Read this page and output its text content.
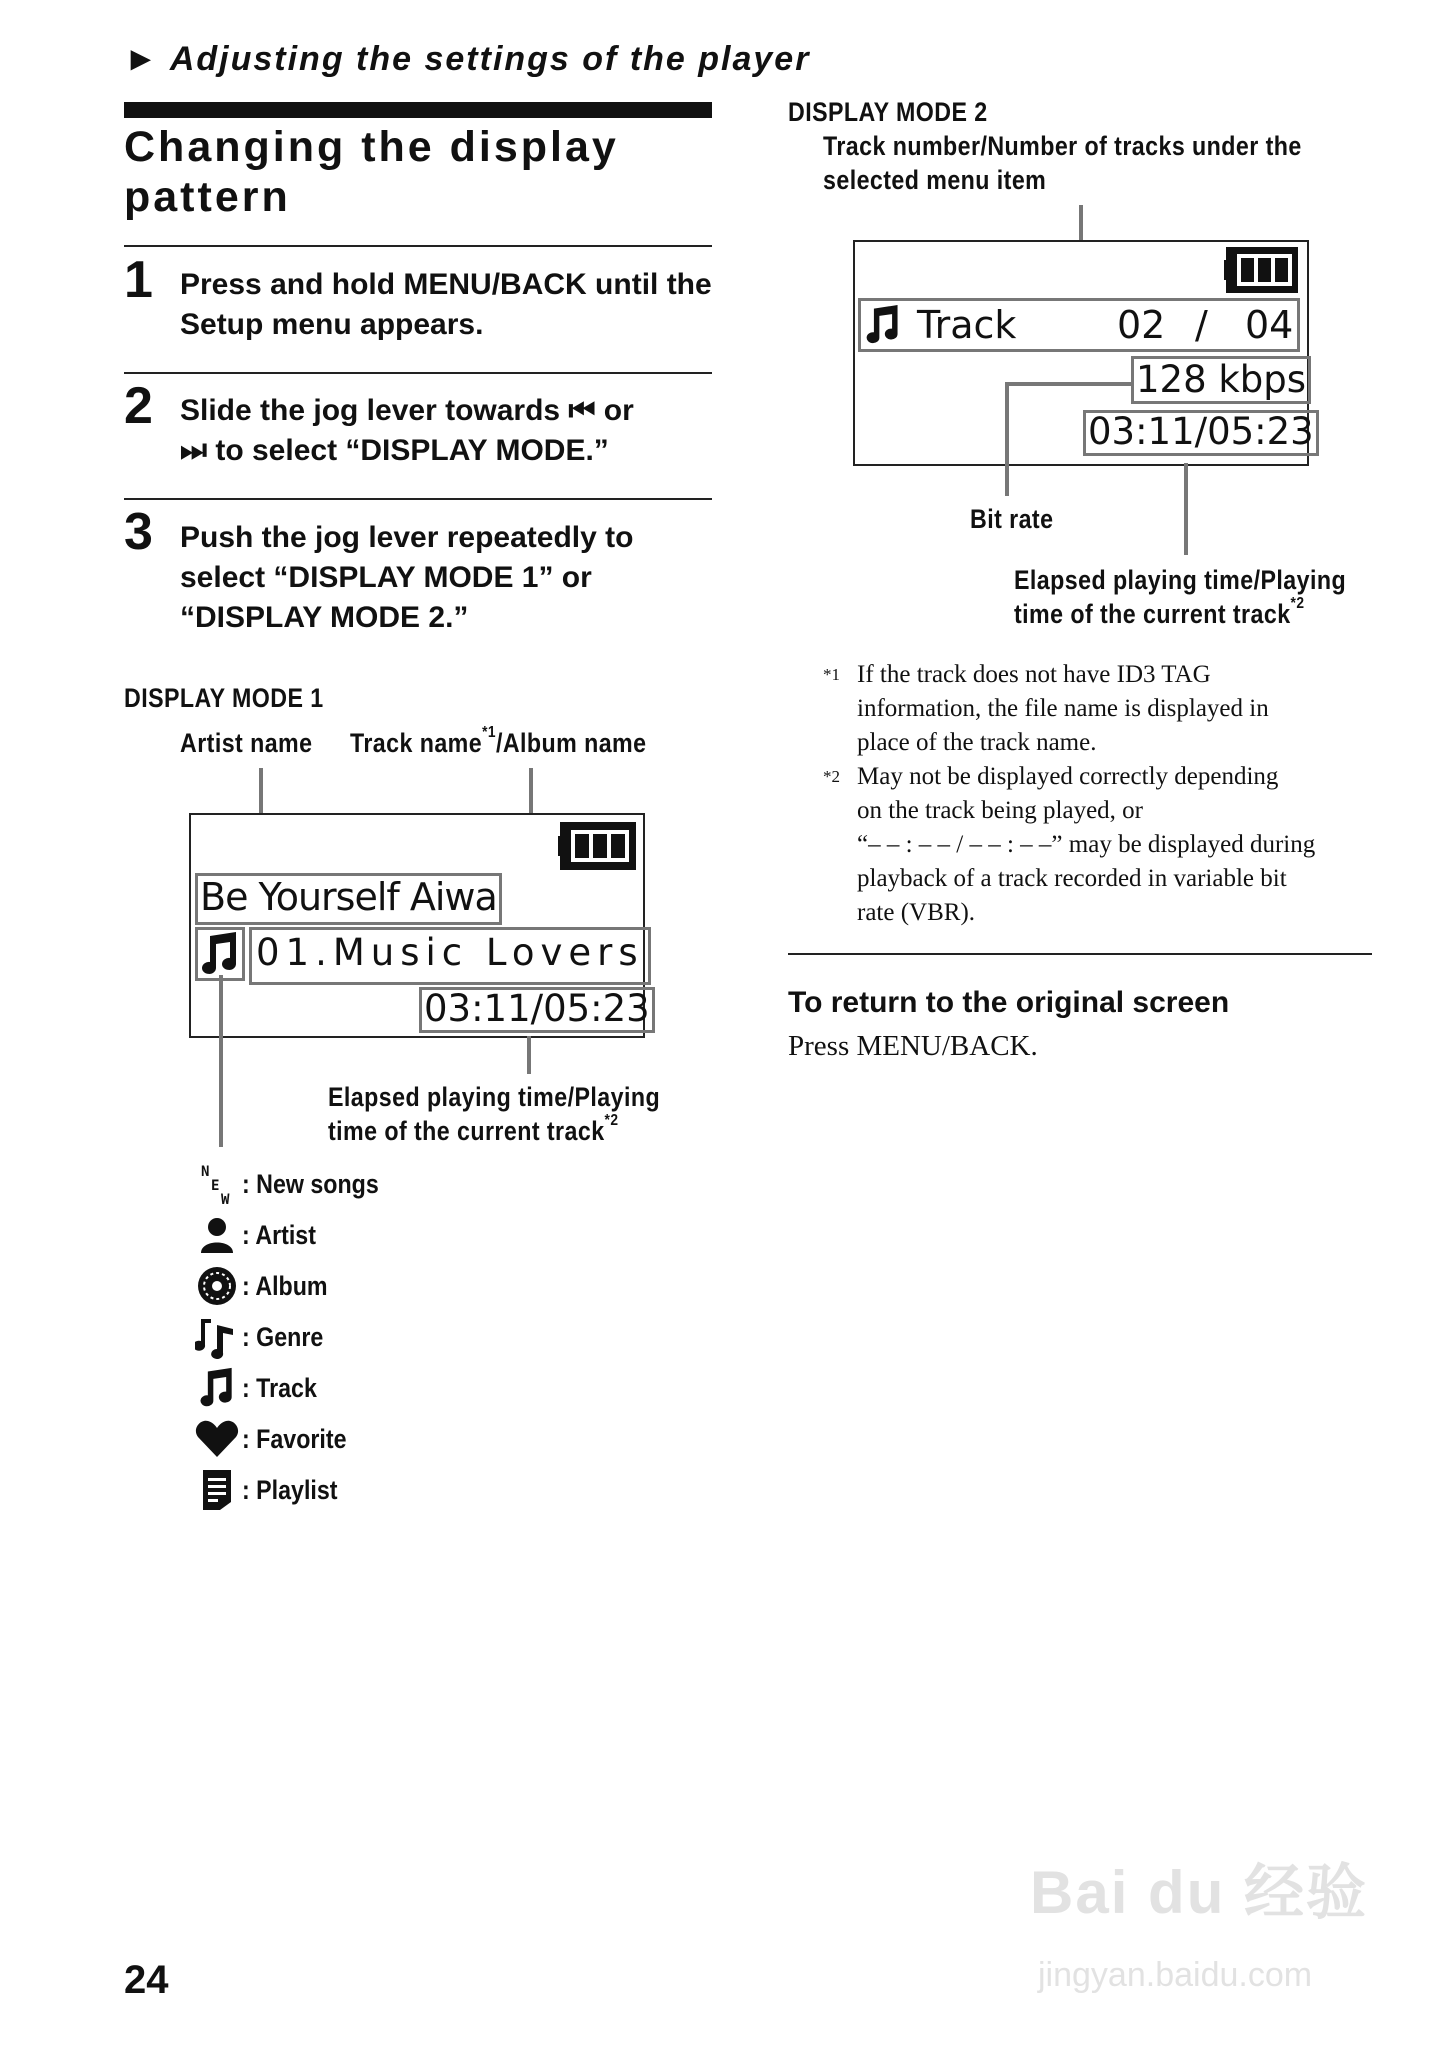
► Adjusting the settings of the player
Changing the display pattern
1 Press and hold MENU/BACK until the Setup menu appears.
2 Slide the jog lever towards ⏮ or
⏭ to select “DISPLAY MODE.”
3 Push the jog lever repeatedly to select “DISPLAY MODE 1” or “DISPLAY MODE 2.”
DISPLAY MODE 1
Artist name Track name$^{*1}$/Album name
Be Yourself Aiwa
01.Music Lovers
03:11/05:23
Elapsed playing time/Playing
time of the current track$^{*2}$
N
E
W
: New songs
: Artist
: Album
: Genre
: Track
: Favorite
: Playlist
DISPLAY MODE 2
Track number/Number of tracks under the
selected menu item
Track	02 / 04
128 kbps
03:11/05:23
Bit rate
Elapsed playing time/Playing
time of the current track$^{*2}$
*1 If the track does not have ID3 TAG
information, the file name is displayed in
place of the track name.
*2 May not be displayed correctly depending
on the track being played, or
“– – : – – / – – : – –” may be displayed during
playback of a track recorded in variable bit
rate (VBR).
To return to the original screen
Press MENU/BACK.
24
Bai du 经验
jingyan.baidu.com
